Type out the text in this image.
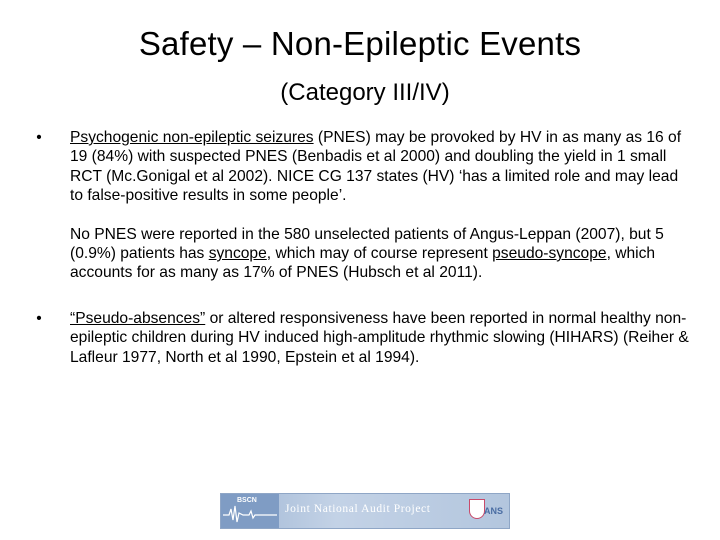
Safety – Non-Epileptic Events
(Category III/IV)
• Psychogenic non-epileptic seizures (PNES) may be provoked by HV in as many as 16 of 19 (84%) with suspected PNES (Benbadis et al 2000) and doubling the yield in 1 small RCT (Mc.Gonigal et al 2002). NICE CG 137 states (HV) ‘has a limited role and may lead to false-positive results in some people’.

No PNES were reported in the 580 unselected patients of Angus-Leppan (2007), but 5 (0.9%) patients has syncope, which may of course represent pseudo-syncope, which accounts for as many as 17% of PNES (Hubsch et al 2011).

• “Pseudo-absences” or altered responsiveness have been reported in normal healthy non-epileptic children during HV induced high-amplitude rhythmic slowing (HIHARS) (Reiher & Lafleur 1977, North et al 1990, Epstein et al 1994).

BSCN
Joint National Audit Project	ANS
